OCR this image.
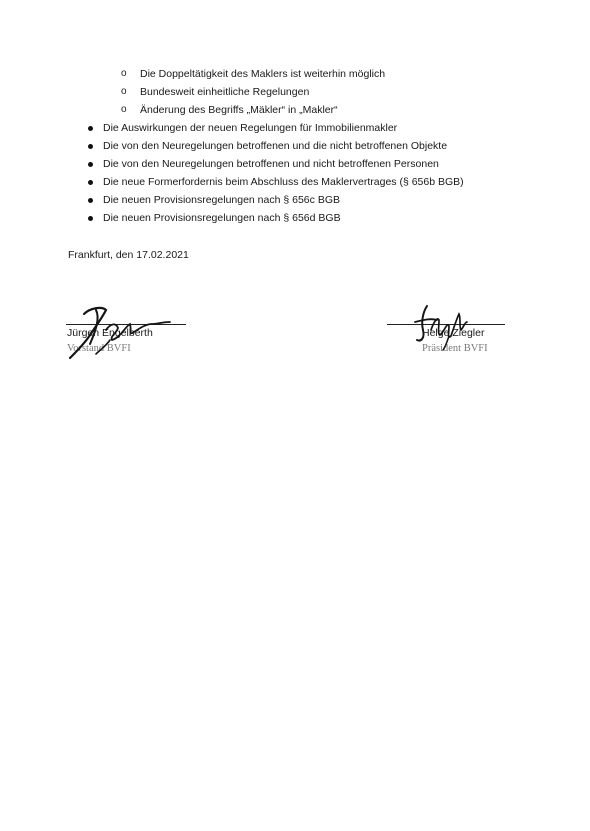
o	Die Doppeltätigkeit des Maklers ist weiterhin möglich
o	Bundesweit einheitliche Regelungen
o	Änderung des Begriffs „Mäkler“ in „Makler“
Die Auswirkungen der neuen Regelungen für Immobilienmakler
Die von den Neuregelungen betroffenen und die nicht betroffenen Objekte
Die von den Neuregelungen betroffenen und nicht betroffenen Personen
Die neue Formerfordernis beim Abschluss des Maklervertrages (§ 656b BGB)
Die neuen Provisionsregelungen nach § 656c BGB
Die neuen Provisionsregelungen nach § 656d BGB
Frankfurt, den 17.02.2021
Jürgen Engelberth
Vorstand BVFI
Helge Ziegler
Präsident BVFI
